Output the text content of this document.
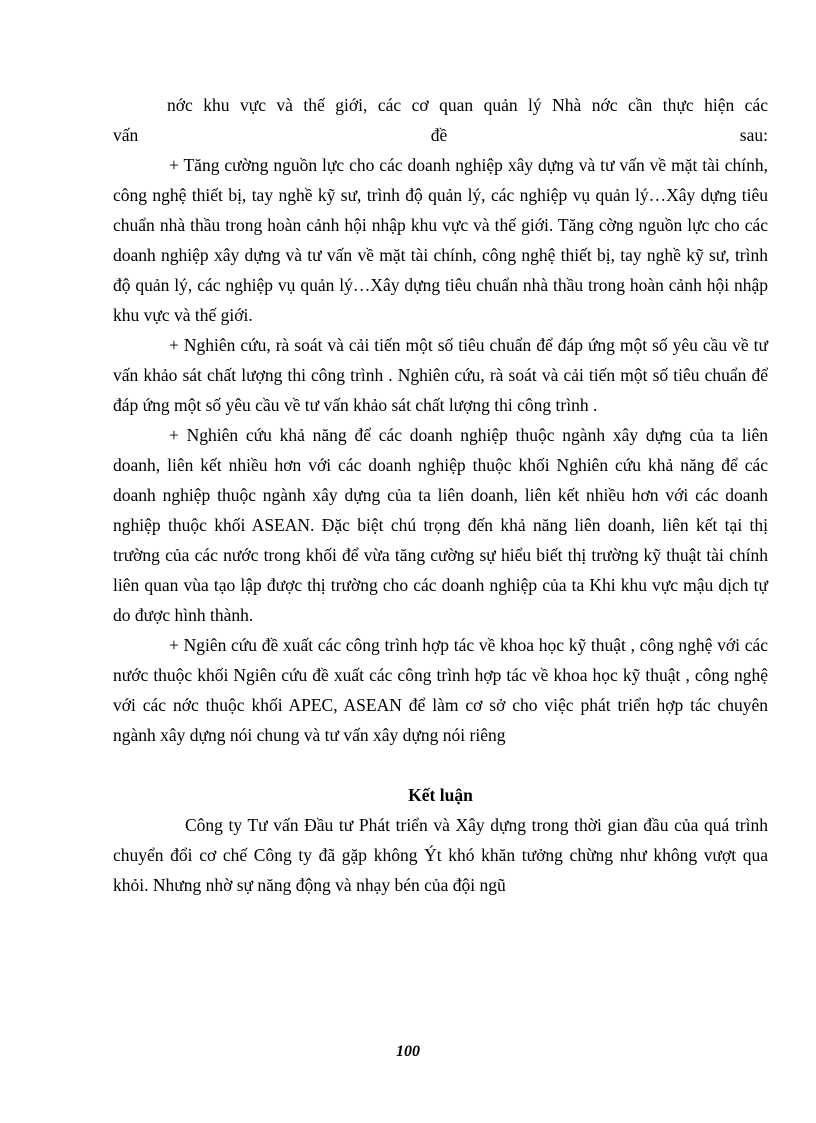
nớc khu vực và thế giới, các cơ quan quản lý Nhà nớc cần thực hiện các

vấn	đề	sau:

+ Tăng cường nguồn lực cho các doanh nghiệp xây dựng và tư vấn về mặt tài chính, công nghệ thiết bị, tay nghề kỹ sư, trình độ quản lý, các nghiệp vụ quản lý…Xây dựng tiêu chuẩn nhà thầu trong hoàn cảnh hội nhập khu vực và thế giới. Tăng cờng nguồn lực cho các doanh nghiệp xây dựng và tư vấn về mặt tài chính, công nghệ thiết bị, tay nghề kỹ sư, trình độ quản lý, các nghiệp vụ quản lý…Xây dựng tiêu chuẩn nhà thầu trong hoàn cảnh hội nhập khu vực và thế giới.

+ Nghiên cứu, rà soát và cải tiến một số tiêu chuẩn để đáp ứng một số yêu cầu về tư vấn khảo sát chất lượng thi công trình . Nghiên cứu, rà soát và cải tiến một số tiêu chuẩn để đáp ứng một số yêu cầu về tư vấn khảo sát chất lượng thi công trình .

+ Nghiên cứu khả năng để các doanh nghiệp thuộc ngành xây dựng của ta liên doanh, liên kết nhiều hơn với các doanh nghiệp thuộc khối Nghiên cứu khả năng để các doanh nghiệp thuộc ngành xây dựng của ta liên doanh, liên kết nhiều hơn với các doanh nghiệp thuộc khối ASEAN. Đặc biệt chú trọng đến khả năng liên doanh, liên kết tại thị trường của các nước trong khối để vừa tăng cường sự hiểu biết thị trường kỹ thuật tài chính liên quan vùa tạo lập được thị trường cho các doanh nghiệp của ta Khi khu vực mậu dịch tự do được hình thành.

+ Ngiên cứu đề xuất các công trình hợp tác về khoa học kỹ thuật , công nghệ với các nước thuộc khối Ngiên cứu đề xuất các công trình hợp tác về khoa học kỹ thuật , công nghệ với các nớc thuộc khối APEC, ASEAN để làm cơ sở cho việc phát triển hợp tác chuyên ngành xây dựng nói chung và tư vấn xây dựng nói riêng

Kết luận

Công ty Tư vấn Đầu tư Phát triển và Xây dựng trong thời gian đầu của quá trình chuyển đổi cơ chế Công ty đã gặp không Ýt khó khăn tưởng chừng như không vượt qua khỏi. Nhưng nhờ sự năng động và nhạy bén của đội ngũ

100
